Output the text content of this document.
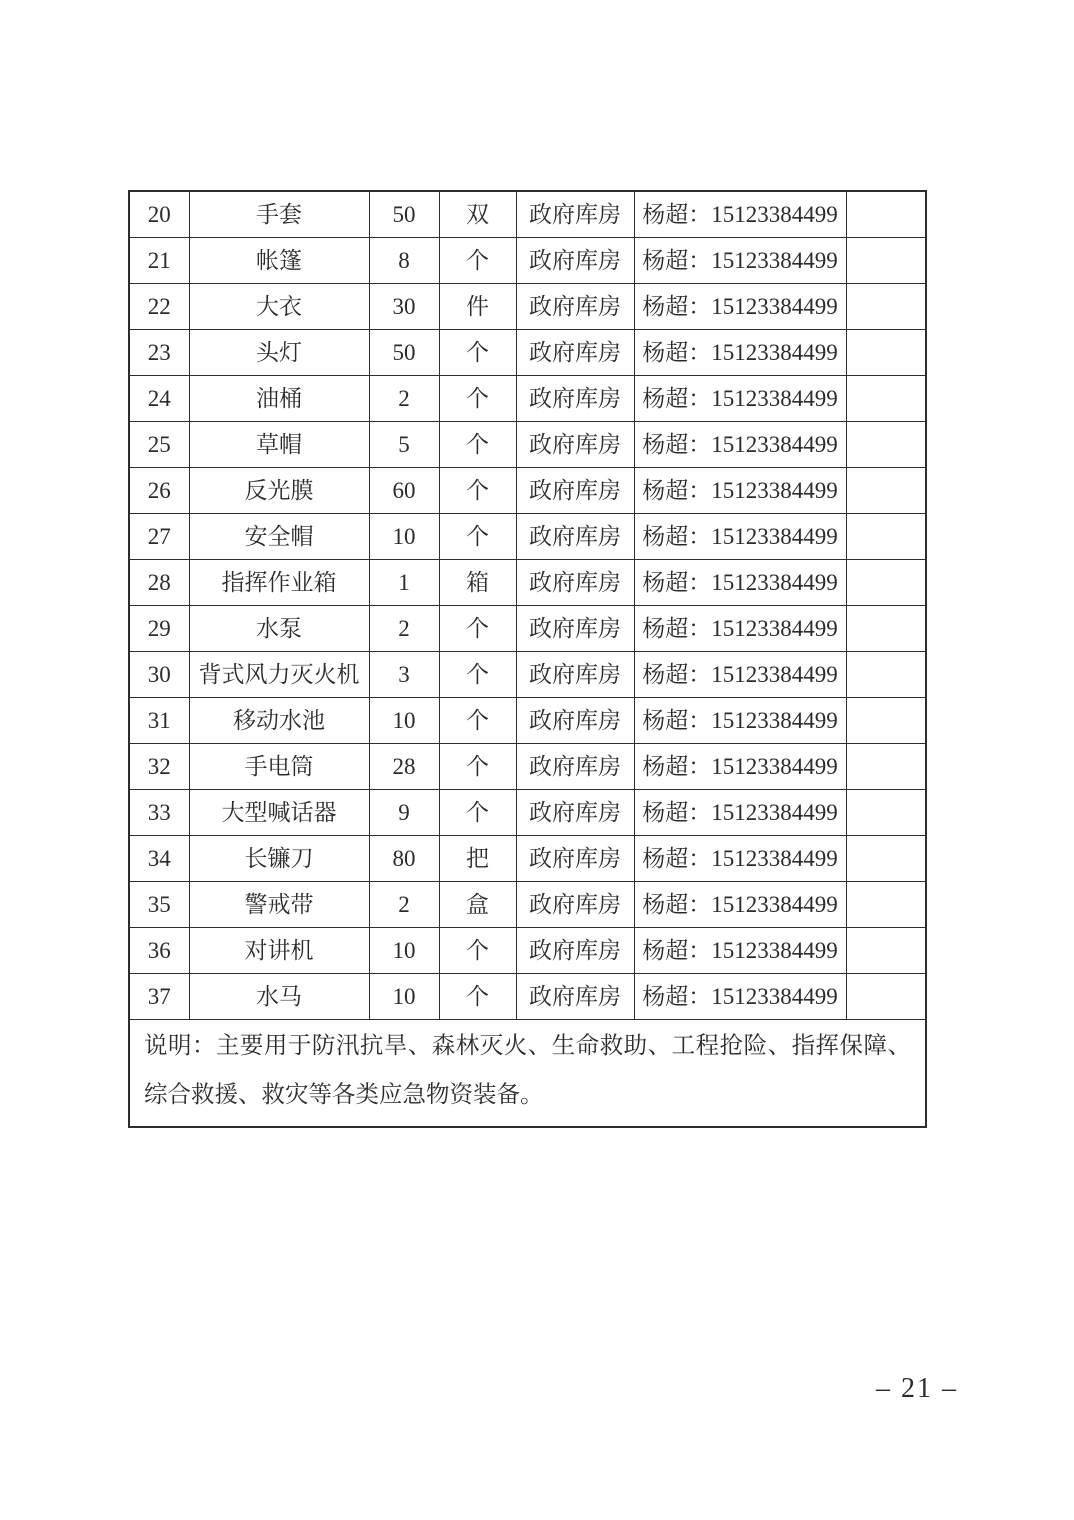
20	手套	50	双	政府库房	杨超：15123384499	
21	帐篷	8	个	政府库房	杨超：15123384499	
22	大衣	30	件	政府库房	杨超：15123384499	
23	头灯	50	个	政府库房	杨超：15123384499	
24	油桶	2	个	政府库房	杨超：15123384499	
25	草帽	5	个	政府库房	杨超：15123384499	
26	反光膜	60	个	政府库房	杨超：15123384499	
27	安全帽	10	个	政府库房	杨超：15123384499	
28	指挥作业箱	1	箱	政府库房	杨超：15123384499	
29	水泵	2	个	政府库房	杨超：15123384499	
30	背式风力灭火机	3	个	政府库房	杨超：15123384499	
31	移动水池	10	个	政府库房	杨超：15123384499	
32	手电筒	28	个	政府库房	杨超：15123384499	
33	大型喊话器	9	个	政府库房	杨超：15123384499	
34	长镰刀	80	把	政府库房	杨超：15123384499	
35	警戒带	2	盒	政府库房	杨超：15123384499	
36	对讲机	10	个	政府库房	杨超：15123384499	
37	水马	10	个	政府库房	杨超：15123384499	
说明：主要用于防汛抗旱、森林灭火、生命救助、工程抢险、指挥保障、综合救援、救灾等各类应急物资装备。						
– 21 –
